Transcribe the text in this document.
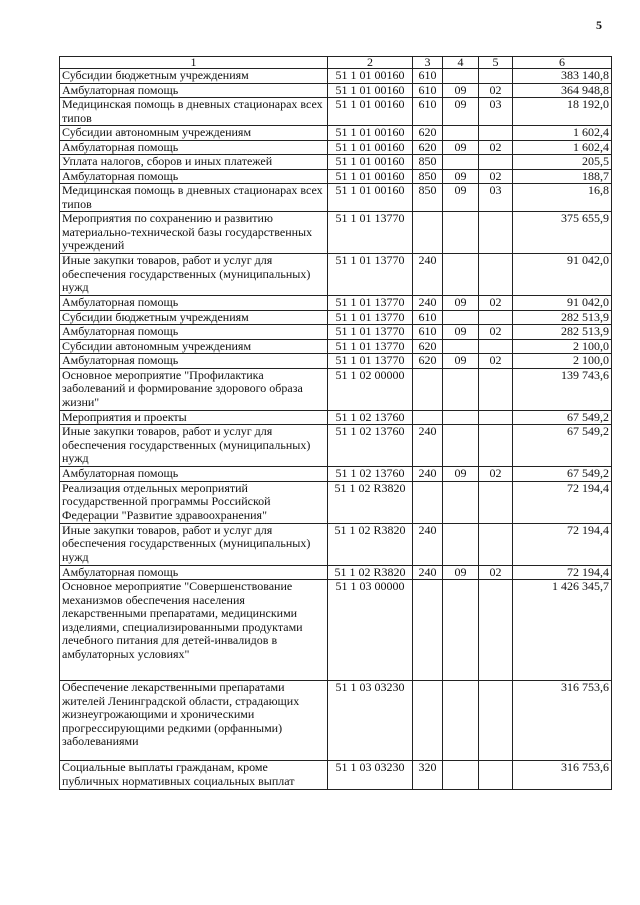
5
1	2	3	4	5	6
Субсидии бюджетным учреждениям	51 1 01 00160	610			383 140,8
Амбулаторная помощь	51 1 01 00160	610	09	02	364 948,8
Медицинская помощь в дневных стационарах всех типов	51 1 01 00160	610	09	03	18 192,0
Субсидии автономным учреждениям	51 1 01 00160	620			1 602,4
Амбулаторная помощь	51 1 01 00160	620	09	02	1 602,4
Уплата налогов, сборов и иных платежей	51 1 01 00160	850			205,5
Амбулаторная помощь	51 1 01 00160	850	09	02	188,7
Медицинская помощь в дневных стационарах всех типов	51 1 01 00160	850	09	03	16,8
Мероприятия по сохранению и развитию материально-технической базы государственных учреждений	51 1 01 13770				375 655,9
Иные закупки товаров, работ и услуг для обеспечения государственных (муниципальных) нужд	51 1 01 13770	240			91 042,0
Амбулаторная помощь	51 1 01 13770	240	09	02	91 042,0
Субсидии бюджетным учреждениям	51 1 01 13770	610			282 513,9
Амбулаторная помощь	51 1 01 13770	610	09	02	282 513,9
Субсидии автономным учреждениям	51 1 01 13770	620			2 100,0
Амбулаторная помощь	51 1 01 13770	620	09	02	2 100,0
Основное мероприятие "Профилактика заболеваний и формирование здорового образа жизни"	51 1 02 00000				139 743,6
Мероприятия и проекты	51 1 02 13760				67 549,2
Иные закупки товаров, работ и услуг для обеспечения государственных (муниципальных) нужд	51 1 02 13760	240			67 549,2
Амбулаторная помощь	51 1 02 13760	240	09	02	67 549,2
Реализация отдельных мероприятий государственной программы Российской Федерации "Развитие здравоохранения"	51 1 02 R3820				72 194,4
Иные закупки товаров, работ и услуг для обеспечения государственных (муниципальных) нужд	51 1 02 R3820	240			72 194,4
Амбулаторная помощь	51 1 02 R3820	240	09	02	72 194,4
Основное мероприятие "Совершенствование механизмов обеспечения населения лекарственными препаратами, медицинскими изделиями, специализированными продуктами лечебного питания для детей-инвалидов в амбулаторных условиях"	51 1 03 00000				1 426 345,7
Обеспечение лекарственными препаратами жителей Ленинградской области, страдающих жизнеугрожающими и хроническими прогрессирующими редкими (орфанными) заболеваниями	51 1 03 03230				316 753,6
Социальные выплаты гражданам, кроме публичных нормативных социальных выплат	51 1 03 03230	320			316 753,6
